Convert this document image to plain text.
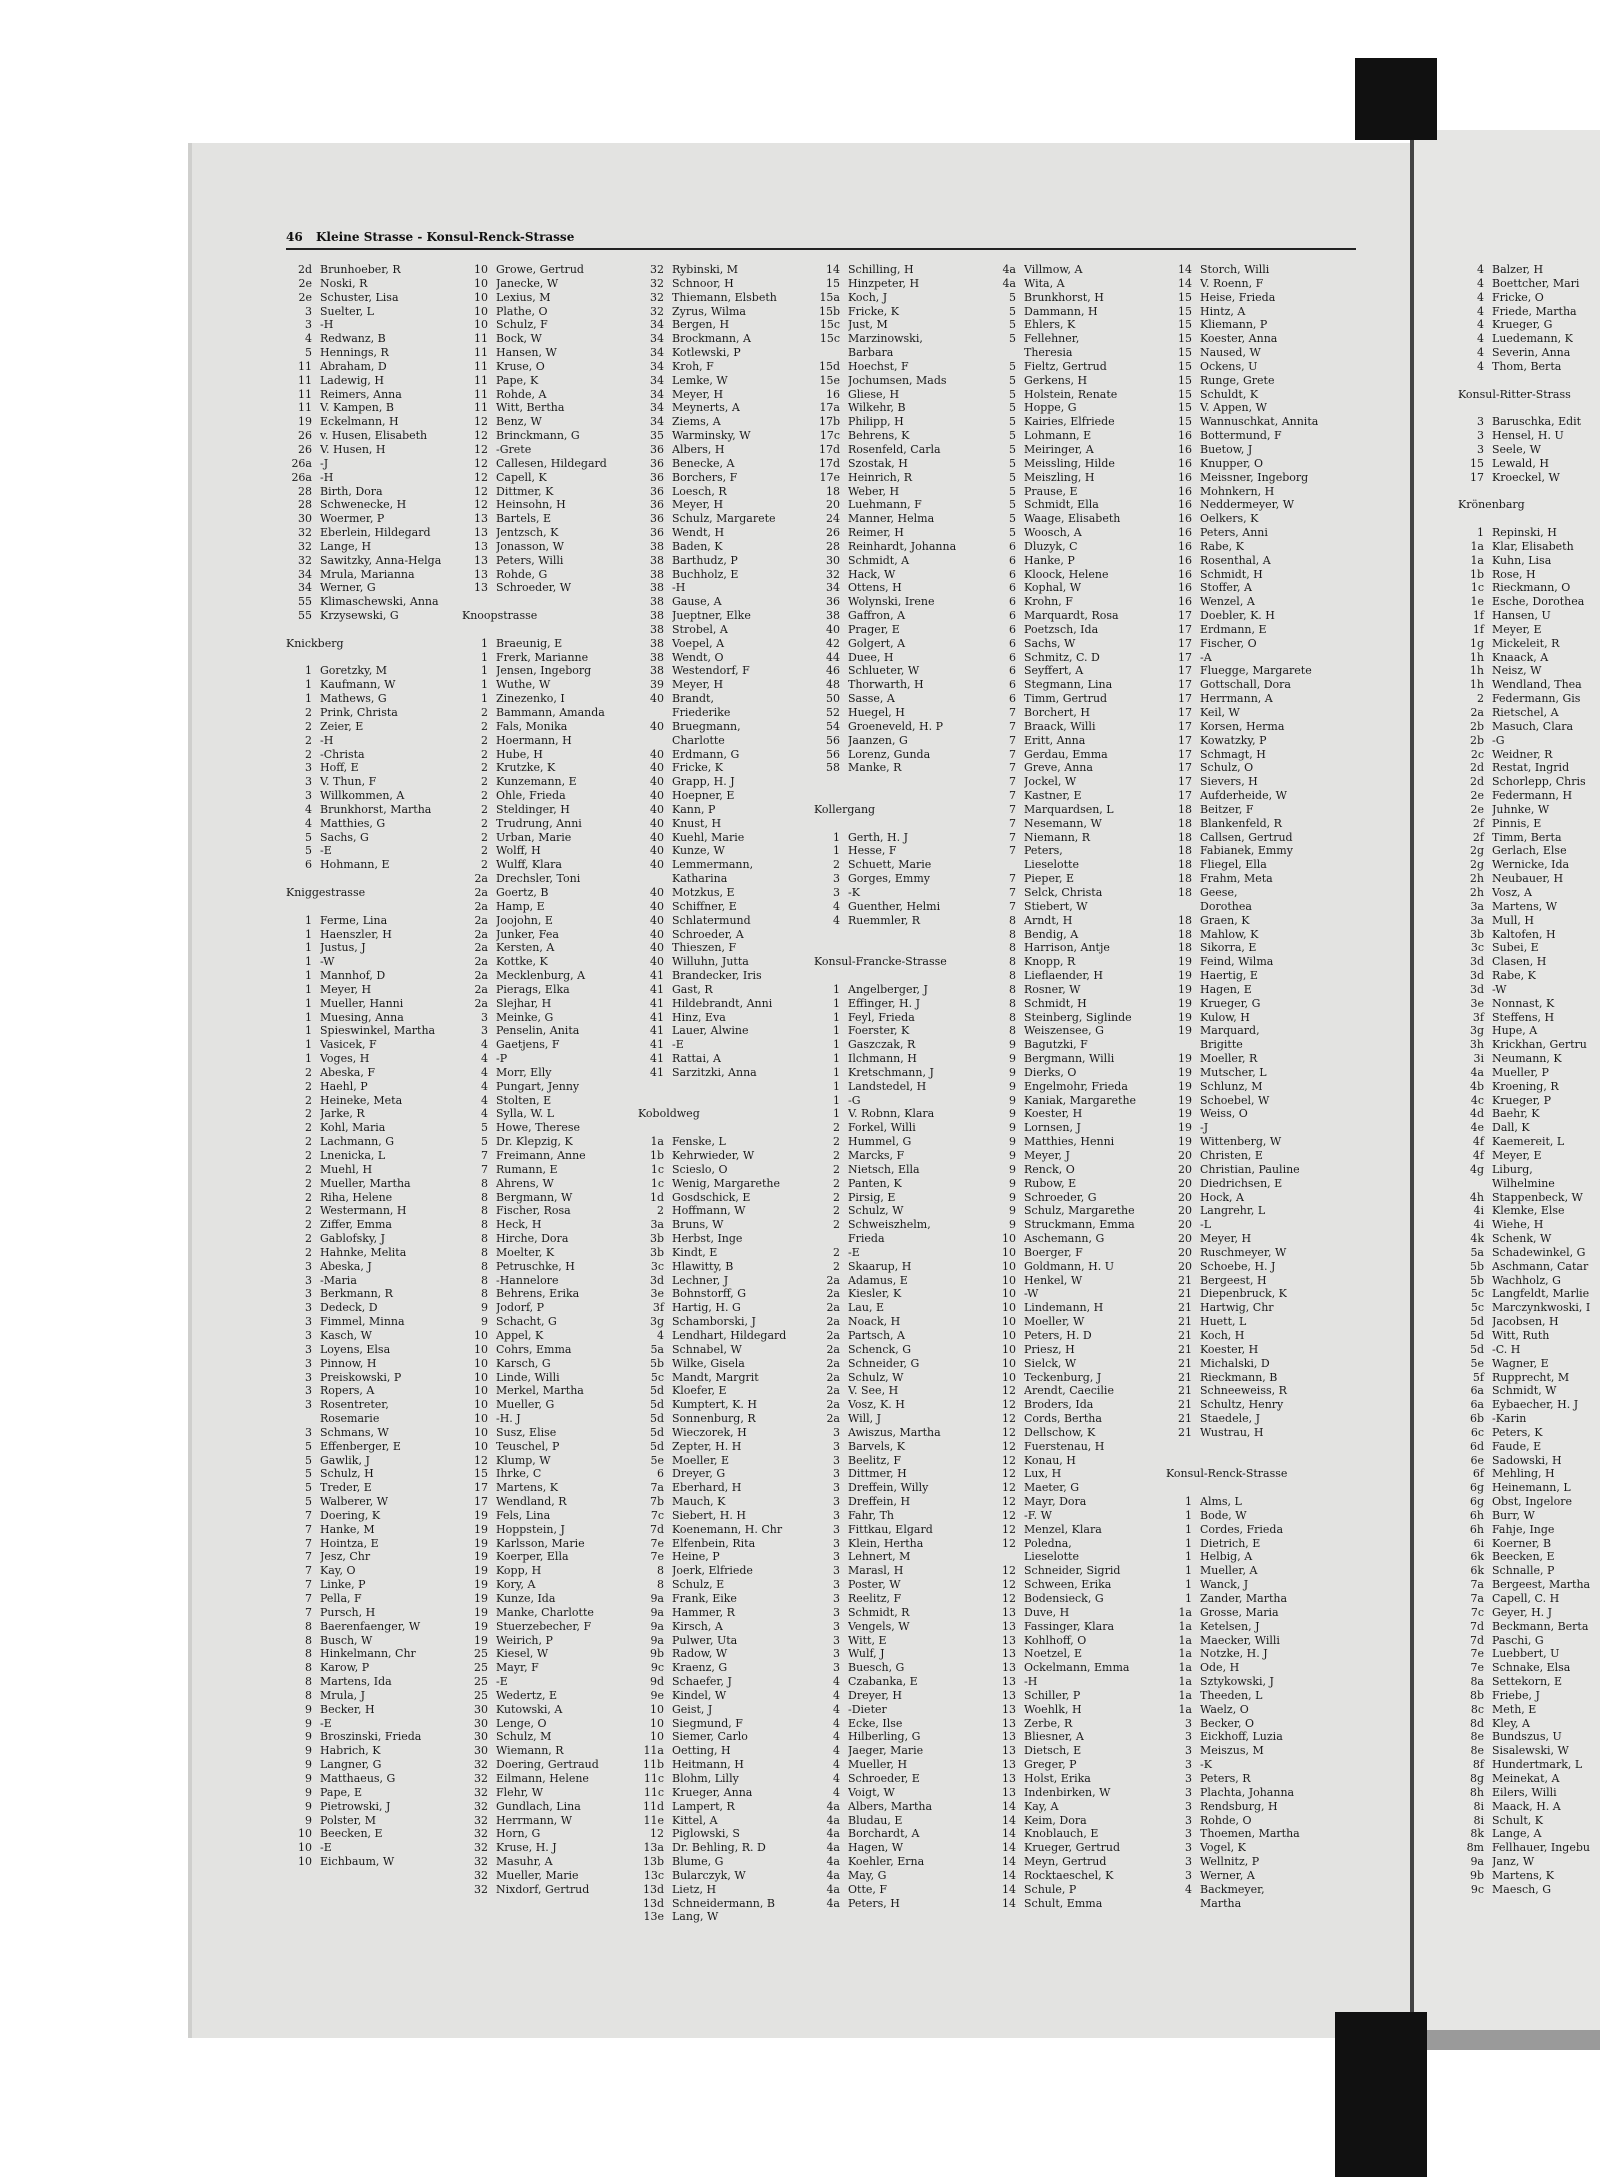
46 Kleine Strasse - Konsul-Renck-Strasse
2d Brunhoeber, R
2e Noski, R
2e Schuster, Lisa
3 Suelter, L
3 -H
4 Redwanz, B
5 Hennings, R
11 Abraham, D
11 Ladewig, H
11 Reimers, Anna
11 V. Kampen, B
19 Eckelmann, H
26 v. Husen, Elisabeth
26 V. Husen, H
26a -J
26a -H
28 Birth, Dora
28 Schwenecke, H
30 Woermer, P
32 Eberlein, Hildegard
32 Lange, H
32 Sawitzky, Anna-Helga
34 Mrula, Marianna
34 Werner, G
55 Klimaschewski, Anna
55 Krzysewski, G
Knickberg
1 Goretzky, M
1 Kaufmann, W
1 Mathews, G
2 Prink, Christa
2 Zeier, E
2 -H
2 -Christa
3 Hoff, E
3 V. Thun, F
3 Willkommen, A
4 Brunkhorst, Martha
4 Matthies, G
5 Sachs, G
5 -E
6 Hohmann, E
Kniggestrasse
1 Ferme, Lina
1 Haenszler, H
1 Justus, J
1 -W
1 Mannhof, D
1 Meyer, H
1 Mueller, Hanni
1 Muesing, Anna
1 Spieswinkel, Martha
1 Vasicek, F
1 Voges, H
2 Abeska, F
2 Haehl, P
2 Heineke, Meta
2 Jarke, R
2 Kohl, Maria
2 Lachmann, G
2 Lnenicka, L
2 Muehl, H
2 Mueller, Martha
2 Riha, Helene
2 Westermann, H
2 Ziffer, Emma
2 Gablofsky, J
2 Hahnke, Melita
3 Abeska, J
3 -Maria
3 Berkmann, R
3 Dedeck, D
3 Fimmel, Minna
3 Kasch, W
3 Loyens, Elsa
3 Pinnow, H
3 Preiskowski, P
3 Ropers, A
3 Rosentreter,
Rosemarie
3 Schmans, W
5 Effenberger, E
5 Gawlik, J
5 Schulz, H
5 Treder, E
5 Walberer, W
7 Doering, K
7 Hanke, M
7 Hointza, E
7 Jesz, Chr
7 Kay, O
7 Linke, P
7 Pella, F
7 Pursch, H
8 Baerenfaenger, W
8 Busch, W
8 Hinkelmann, Chr
8 Karow, P
8 Martens, Ida
8 Mrula, J
9 Becker, H
9 -E
9 Broszinski, Frieda
9 Habrich, K
9 Langner, G
9 Matthaeus, G
9 Pape, E
9 Pietrowski, J
9 Polster, M
10 Beecken, E
10 -E
10 Eichbaum, W
10 Growe, Gertrud
10 Janecke, W
10 Lexius, M
10 Plathe, O
10 Schulz, F
11 Bock, W
11 Hansen, W
11 Kruse, O
11 Pape, K
11 Rohde, A
11 Witt, Bertha
12 Benz, W
12 Brinckmann, G
12 -Grete
12 Callesen, Hildegard
12 Capell, K
12 Dittmer, K
12 Heinsohn, H
13 Bartels, E
13 Jentzsch, K
13 Jonasson, W
13 Peters, Willi
13 Rohde, G
13 Schroeder, W
Knoopstrasse
1 Braeunig, E
1 Frerk, Marianne
1 Jensen, Ingeborg
1 Wuthe, W
1 Zinezenko, I
2 Bammann, Amanda
2 Fals, Monika
2 Hoermann, H
2 Hube, H
2 Krutzke, K
2 Kunzemann, E
2 Ohle, Frieda
2 Steldinger, H
2 Trudrung, Anni
2 Urban, Marie
2 Wolff, H
2 Wulff, Klara
2a Drechsler, Toni
2a Goertz, B
2a Hamp, E
2a Joojohn, E
2a Junker, Fea
2a Kersten, A
2a Kottke, K
2a Mecklenburg, A
2a Pierags, Elka
2a Slejhar, H
3 Meinke, G
3 Penselin, Anita
4 Gaetjens, F
4 -P
4 Morr, Elly
4 Pungart, Jenny
4 Stolten, E
4 Sylla, W. L
5 Howe, Therese
5 Dr. Klepzig, K
7 Freimann, Anne
7 Rumann, E
8 Ahrens, W
8 Bergmann, W
8 Fischer, Rosa
8 Heck, H
8 Hirche, Dora
8 Moelter, K
8 Petruschke, H
8 -Hannelore
8 Behrens, Erika
9 Jodorf, P
9 Schacht, G
10 Appel, K
10 Cohrs, Emma
10 Karsch, G
10 Linde, Willi
10 Merkel, Martha
10 Mueller, G
10 -H. J
10 Susz, Elise
10 Teuschel, P
12 Klump, W
15 Ihrke, C
17 Martens, K
17 Wendland, R
19 Fels, Lina
19 Hoppstein, J
19 Karlsson, Marie
19 Koerper, Ella
19 Kopp, H
19 Kory, A
19 Kunze, Ida
19 Manke, Charlotte
19 Stuerzebecher, F
19 Weirich, P
25 Kiesel, W
25 Mayr, F
25 -E
25 Wedertz, E
30 Kutowski, A
30 Lenge, O
30 Schulz, M
30 Wiemann, R
32 Doering, Gertraud
32 Eilmann, Helene
32 Flehr, W
32 Gundlach, Lina
32 Herrmann, W
32 Horn, G
32 Kruse, H. J
32 Masuhr, A
32 Mueller, Marie
32 Nixdorf, Gertrud
32 Rybinski, M
32 Schnoor, H
32 Thiemann, Elsbeth
32 Zyrus, Wilma
34 Bergen, H
34 Brockmann, A
34 Kotlewski, P
34 Kroh, F
34 Lemke, W
34 Meyer, H
34 Meynerts, A
34 Ziems, A
35 Warminsky, W
36 Albers, H
36 Benecke, A
36 Borchers, F
36 Loesch, R
36 Meyer, H
36 Schulz, Margarete
36 Wendt, H
38 Baden, K
38 Barthudz, P
38 Buchholz, E
38 -H
38 Gause, A
38 Jueptner, Elke
38 Strobel, A
38 Voepel, A
38 Wendt, O
38 Westendorf, F
39 Meyer, H
40 Brandt,
Friederike
40 Bruegmann,
Charlotte
40 Erdmann, G
40 Fricke, K
40 Grapp, H. J
40 Hoepner, E
40 Kann, P
40 Knust, H
40 Kuehl, Marie
40 Kunze, W
40 Lemmermann,
Katharina
40 Motzkus, E
40 Schiffner, E
40 Schlatermund
40 Schroeder, A
40 Thieszen, F
40 Willuhn, Jutta
41 Brandecker, Iris
41 Gast, R
41 Hildebrandt, Anni
41 Hinz, Eva
41 Lauer, Alwine
41 -E
41 Rattai, A
41 Sarzitzki, Anna
Koboldweg
1a Fenske, L
1b Kehrwieder, W
1c Scieslo, O
1c Wenig, Margarethe
1d Gosdschick, E
2 Hoffmann, W
3a Bruns, W
3b Herbst, Inge
3b Kindt, E
3c Hlawitty, B
3d Lechner, J
3e Bohnstorff, G
3f Hartig, H. G
3g Schamborski, J
4 Lendhart, Hildegard
5a Schnabel, W
5b Wilke, Gisela
5c Mandt, Margrit
5d Kloefer, E
5d Kumptert, K. H
5d Sonnenburg, R
5d Wieczorek, H
5d Zepter, H. H
5e Moeller, E
6 Dreyer, G
7a Eberhard, H
7b Mauch, K
7c Siebert, H. H
7d Koenemann, H. Chr
7e Elfenbein, Rita
7e Heine, P
8 Joerk, Elfriede
8 Schulz, E
9a Frank, Eike
9a Hammer, R
9a Kirsch, A
9a Pulwer, Uta
9b Radow, W
9c Kraenz, G
9d Schaefer, J
9e Kindel, W
10 Geist, J
10 Siegmund, F
10 Siemer, Carlo
11a Oetting, H
11b Heitmann, H
11c Blohm, Lilly
11c Krueger, Anna
11d Lampert, R
11e Kittel, A
12 Piglowski, S
13a Dr. Behling, R. D
13b Blume, G
13c Bularczyk, W
13d Lietz, H
13d Schneidermann, B
13e Lang, W
14 Schilling, H
15 Hinzpeter, H
15a Koch, J
15b Fricke, K
15c Just, M
15c Marzinowski,
Barbara
15d Hoechst, F
15e Jochumsen, Mads
16 Gliese, H
17a Wilkehr, B
17b Philipp, H
17c Behrens, K
17d Rosenfeld, Carla
17d Szostak, H
17e Heinrich, R
18 Weber, H
20 Luehmann, F
24 Manner, Helma
26 Reimer, H
28 Reinhardt, Johanna
30 Schmidt, A
32 Hack, W
34 Ottens, H
36 Wolynski, Irene
38 Gaffron, A
40 Prager, E
42 Golgert, A
44 Duee, H
46 Schlueter, W
48 Thorwarth, H
50 Sasse, A
52 Huegel, H
54 Groeneveld, H. P
56 Jaanzen, G
56 Lorenz, Gunda
58 Manke, R
Kollergang
1 Gerth, H. J
1 Hesse, F
2 Schuett, Marie
3 Gorges, Emmy
3 -K
4 Guenther, Helmi
4 Ruemmler, R
Konsul-Francke-Strasse
1 Angelberger, J
1 Effinger, H. J
1 Feyl, Frieda
1 Foerster, K
1 Gaszczak, R
1 Ilchmann, H
1 Kretschmann, J
1 Landstedel, H
1 -G
1 V. Robnn, Klara
2 Forkel, Willi
2 Hummel, G
2 Marcks, F
2 Nietsch, Ella
2 Panten, K
2 Pirsig, E
2 Schulz, W
2 Schweiszhelm,
Frieda
2 -E
2 Skaarup, H
2a Adamus, E
2a Kiesler, K
2a Lau, E
2a Noack, H
2a Partsch, A
2a Schenck, G
2a Schneider, G
2a Schulz, W
2a V. See, H
2a Vosz, K. H
2a Will, J
3 Awiszus, Martha
3 Barvels, K
3 Beelitz, F
3 Dittmer, H
3 Dreffein, Willy
3 Dreffein, H
3 Fahr, Th
3 Fittkau, Elgard
3 Klein, Hertha
3 Lehnert, M
3 Marasl, H
3 Poster, W
3 Reelitz, F
3 Schmidt, R
3 Vengels, W
3 Witt, E
3 Wulf, J
3 Buesch, G
4 Czabanka, E
4 Dreyer, H
4 -Dieter
4 Ecke, Ilse
4 Hilberling, G
4 Jaeger, Marie
4 Mueller, H
4 Schroeder, E
4 Voigt, W
4a Albers, Martha
4a Bludau, E
4a Borchardt, A
4a Hagen, W
4a Koehler, Erna
4a May, G
4a Otte, F
4a Peters, H
4a Villmow, A
4a Wita, A
5 Brunkhorst, H
5 Dammann, H
5 Ehlers, K
5 Fellehner,
Theresia
5 Fieltz, Gertrud
5 Gerkens, H
5 Holstein, Renate
5 Hoppe, G
5 Kairies, Elfriede
5 Lohmann, E
5 Meiringer, A
5 Meissling, Hilde
5 Meiszling, H
5 Prause, E
5 Schmidt, Ella
5 Waage, Elisabeth
5 Woosch, A
6 Dluzyk, C
6 Hanke, P
6 Kloock, Helene
6 Kophal, W
6 Krohn, F
6 Marquardt, Rosa
6 Poetzsch, Ida
6 Sachs, W
6 Schmitz, C. D
6 Seyffert, A
6 Stegmann, Lina
6 Timm, Gertrud
7 Borchert, H
7 Braack, Willi
7 Eritt, Anna
7 Gerdau, Emma
7 Greve, Anna
7 Jockel, W
7 Kastner, E
7 Marquardsen, L
7 Nesemann, W
7 Niemann, R
7 Peters,
Lieselotte
7 Pieper, E
7 Selck, Christa
7 Stiebert, W
8 Arndt, H
8 Bendig, A
8 Harrison, Antje
8 Knopp, R
8 Lieflaender, H
8 Rosner, W
8 Schmidt, H
8 Steinberg, Siglinde
8 Weiszensee, G
9 Bagutzki, F
9 Bergmann, Willi
9 Dierks, O
9 Engelmohr, Frieda
9 Kaniak, Margarethe
9 Koester, H
9 Lornsen, J
9 Matthies, Henni
9 Meyer, J
9 Renck, O
9 Rubow, E
9 Schroeder, G
9 Schulz, Margarethe
9 Struckmann, Emma
10 Aschemann, G
10 Boerger, F
10 Goldmann, H. U
10 Henkel, W
10 -W
10 Lindemann, H
10 Moeller, W
10 Peters, H. D
10 Priesz, H
10 Sielck, W
10 Teckenburg, J
12 Arendt, Caecilie
12 Broders, Ida
12 Cords, Bertha
12 Dellschow, K
12 Fuerstenau, H
12 Konau, H
12 Lux, H
12 Maeter, G
12 Mayr, Dora
12 -F. W
12 Menzel, Klara
12 Polednа,
Lieselotte
12 Schneider, Sigrid
12 Schween, Erika
12 Bodensieck, G
13 Duve, H
13 Fassinger, Klara
13 Kohlhoff, O
13 Noetzel, E
13 Ockelmann, Emma
13 -H
13 Schiller, P
13 Woehlk, H
13 Zerbe, R
13 Bliesner, A
13 Dietsch, E
13 Greger, P
13 Holst, Erika
13 Indenbirken, W
14 Kay, A
14 Keim, Dora
14 Knoblauch, E
14 Krueger, Gertrud
14 Meyn, Gertrud
14 Rocktaeschel, K
14 Schule, P
14 Schult, Emma
14 Storch, Willi
14 V. Roenn, F
15 Heise, Frieda
15 Hintz, A
15 Kliemann, P
15 Koester, Anna
15 Naused, W
15 Ockens, U
15 Runge, Grete
15 Schuldt, K
15 V. Appen, W
15 Wannuschkat, Annita
16 Bottermund, F
16 Buetow, J
16 Knupper, O
16 Meissner, Ingeborg
16 Mohnkern, H
16 Neddermeyer, W
16 Oelkers, K
16 Peters, Anni
16 Rabe, K
16 Rosenthal, A
16 Schmidt, H
16 Stoffer, A
16 Wenzel, A
17 Doebler, K. H
17 Erdmann, E
17 Fischer, O
17 -A
17 Fluegge, Margarete
17 Gottschall, Dora
17 Herrmann, A
17 Keil, W
17 Korsen, Herma
17 Kowatzky, P
17 Schmagt, H
17 Schulz, O
17 Sievers, H
17 Aufderheide, W
18 Beitzer, F
18 Blankenfeld, R
18 Callsen, Gertrud
18 Fabianek, Emmy
18 Fliegel, Ella
18 Frahm, Meta
18 Geese,
Dorothea
18 Graen, K
18 Mahlow, K
18 Sikorra, E
19 Feind, Wilma
19 Haertig, E
19 Hagen, E
19 Krueger, G
19 Kulow, H
19 Marquard,
Brigitte
19 Moeller, R
19 Mutscher, L
19 Schlunz, M
19 Schoebel, W
19 Weiss, O
19 -J
19 Wittenberg, W
20 Christen, E
20 Christian, Pauline
20 Diedrichsen, E
20 Hock, A
20 Langrehr, L
20 -L
20 Meyer, H
20 Ruschmeyer, W
20 Schoebe, H. J
21 Bergeest, H
21 Diepenbruck, K
21 Hartwig, Chr
21 Huett, L
21 Koch, H
21 Koester, H
21 Michalski, D
21 Rieckmann, B
21 Schneeweiss, R
21 Schultz, Henry
21 Staedele, J
21 Wustrau, H
Konsul-Renck-Strasse
1 Alms, L
1 Bode, W
1 Cordes, Frieda
1 Dietrich, E
1 Helbig, A
1 Mueller, A
1 Wanck, J
1 Zander, Martha
1a Grosse, Maria
1a Ketelsen, J
1a Maecker, Willi
1a Notzke, H. J
1a Ode, H
1a Sztykowski, J
1a Theeden, L
1a Waelz, O
3 Becker, O
3 Eickhoff, Luzia
3 Meiszus, M
3 -K
3 Peters, R
3 Plachta, Johanna
3 Rendsburg, H
3 Rohde, O
3 Thoemen, Martha
3 Vogel, K
3 Wellnitz, P
3 Werner, A
4 Backmeyer,
Martha
4 Balzer, H
4 Boettcher, Mari
4 Fricke, O
4 Friede, Martha
4 Krueger, G
4 Luedemann, K
4 Severin, Anna
4 Thom, Berta
Konsul-Ritter-Strass
3 Baruschka, Edit
3 Hensel, H. U
3 Seele, W
15 Lewald, H
17 Kroeckel, W
Krönenbarg
1 Repinski, H
1a Klar, Elisabeth
1a Kuhn, Lisa
1b Rose, H
1c Rieckmann, O
1e Esche, Dorothea
1f Hansen, U
1f Meyer, E
1g Mickeleit, R
1h Knaack, A
1h Neisz, W
1h Wendland, Thea
2 Federmann, Gis
2a Rietschel, A
2b Masuch, Clara
2b -G
2c Weidner, R
2d Restat, Ingrid
2d Schorlepp, Chris
2e Federmann, H
2e Juhnke, W
2f Pinnis, E
2f Timm, Berta
2g Gerlach, Else
2g Wernicke, Ida
2h Neubauer, H
2h Vosz, A
3a Martens, W
3a Mull, H
3b Kaltofen, H
3c Subei, E
3d Clasen, H
3d Rabe, K
3d -W
3e Nonnast, K
3f Steffens, H
3g Hupe, A
3h Krickhan, Gertru
3i Neumann, K
4a Mueller, P
4b Kroening, R
4c Krueger, P
4d Baehr, K
4e Dall, K
4f Kaemereit, L
4f Meyer, E
4g Liburg,
Wilhelmine
4h Stappenbeck, W
4i Klemke, Else
4i Wiehe, H
4k Schenk, W
5a Schadewinkel, G
5b Aschmann, Catar
5b Wachholz, G
5c Langfeldt, Marlie
5c Marczynkwoski, I
5d Jacobsen, H
5d Witt, Ruth
5d -C. H
5e Wagner, E
5f Rupprecht, M
6a Schmidt, W
6a Eybaecher, H. J
6b -Karin
6c Peters, K
6d Faude, E
6e Sadowski, H
6f Mehling, H
6g Heinemann, L
6g Obst, Ingelore
6h Burr, W
6h Fahje, Inge
6i Koerner, B
6k Beecken, E
6k Schnalle, P
7a Bergeest, Martha
7a Capell, C. H
7c Geyer, H. J
7d Beckmann, Berta
7d Paschi, G
7e Luebbert, U
7e Schnake, Elsa
8a Settekorn, E
8b Friebe, J
8c Meth, E
8d Kley, A
8e Bundszus, U
8e Sisalewski, W
8f Hundertmark, L
8g Meinekat, A
8h Eilers, Willi
8i Maack, H. A
8i Schult, K
8k Lange, A
8m Fellhauer, Ingebu
9a Janz, W
9b Martens, K
9c Maesch, G
